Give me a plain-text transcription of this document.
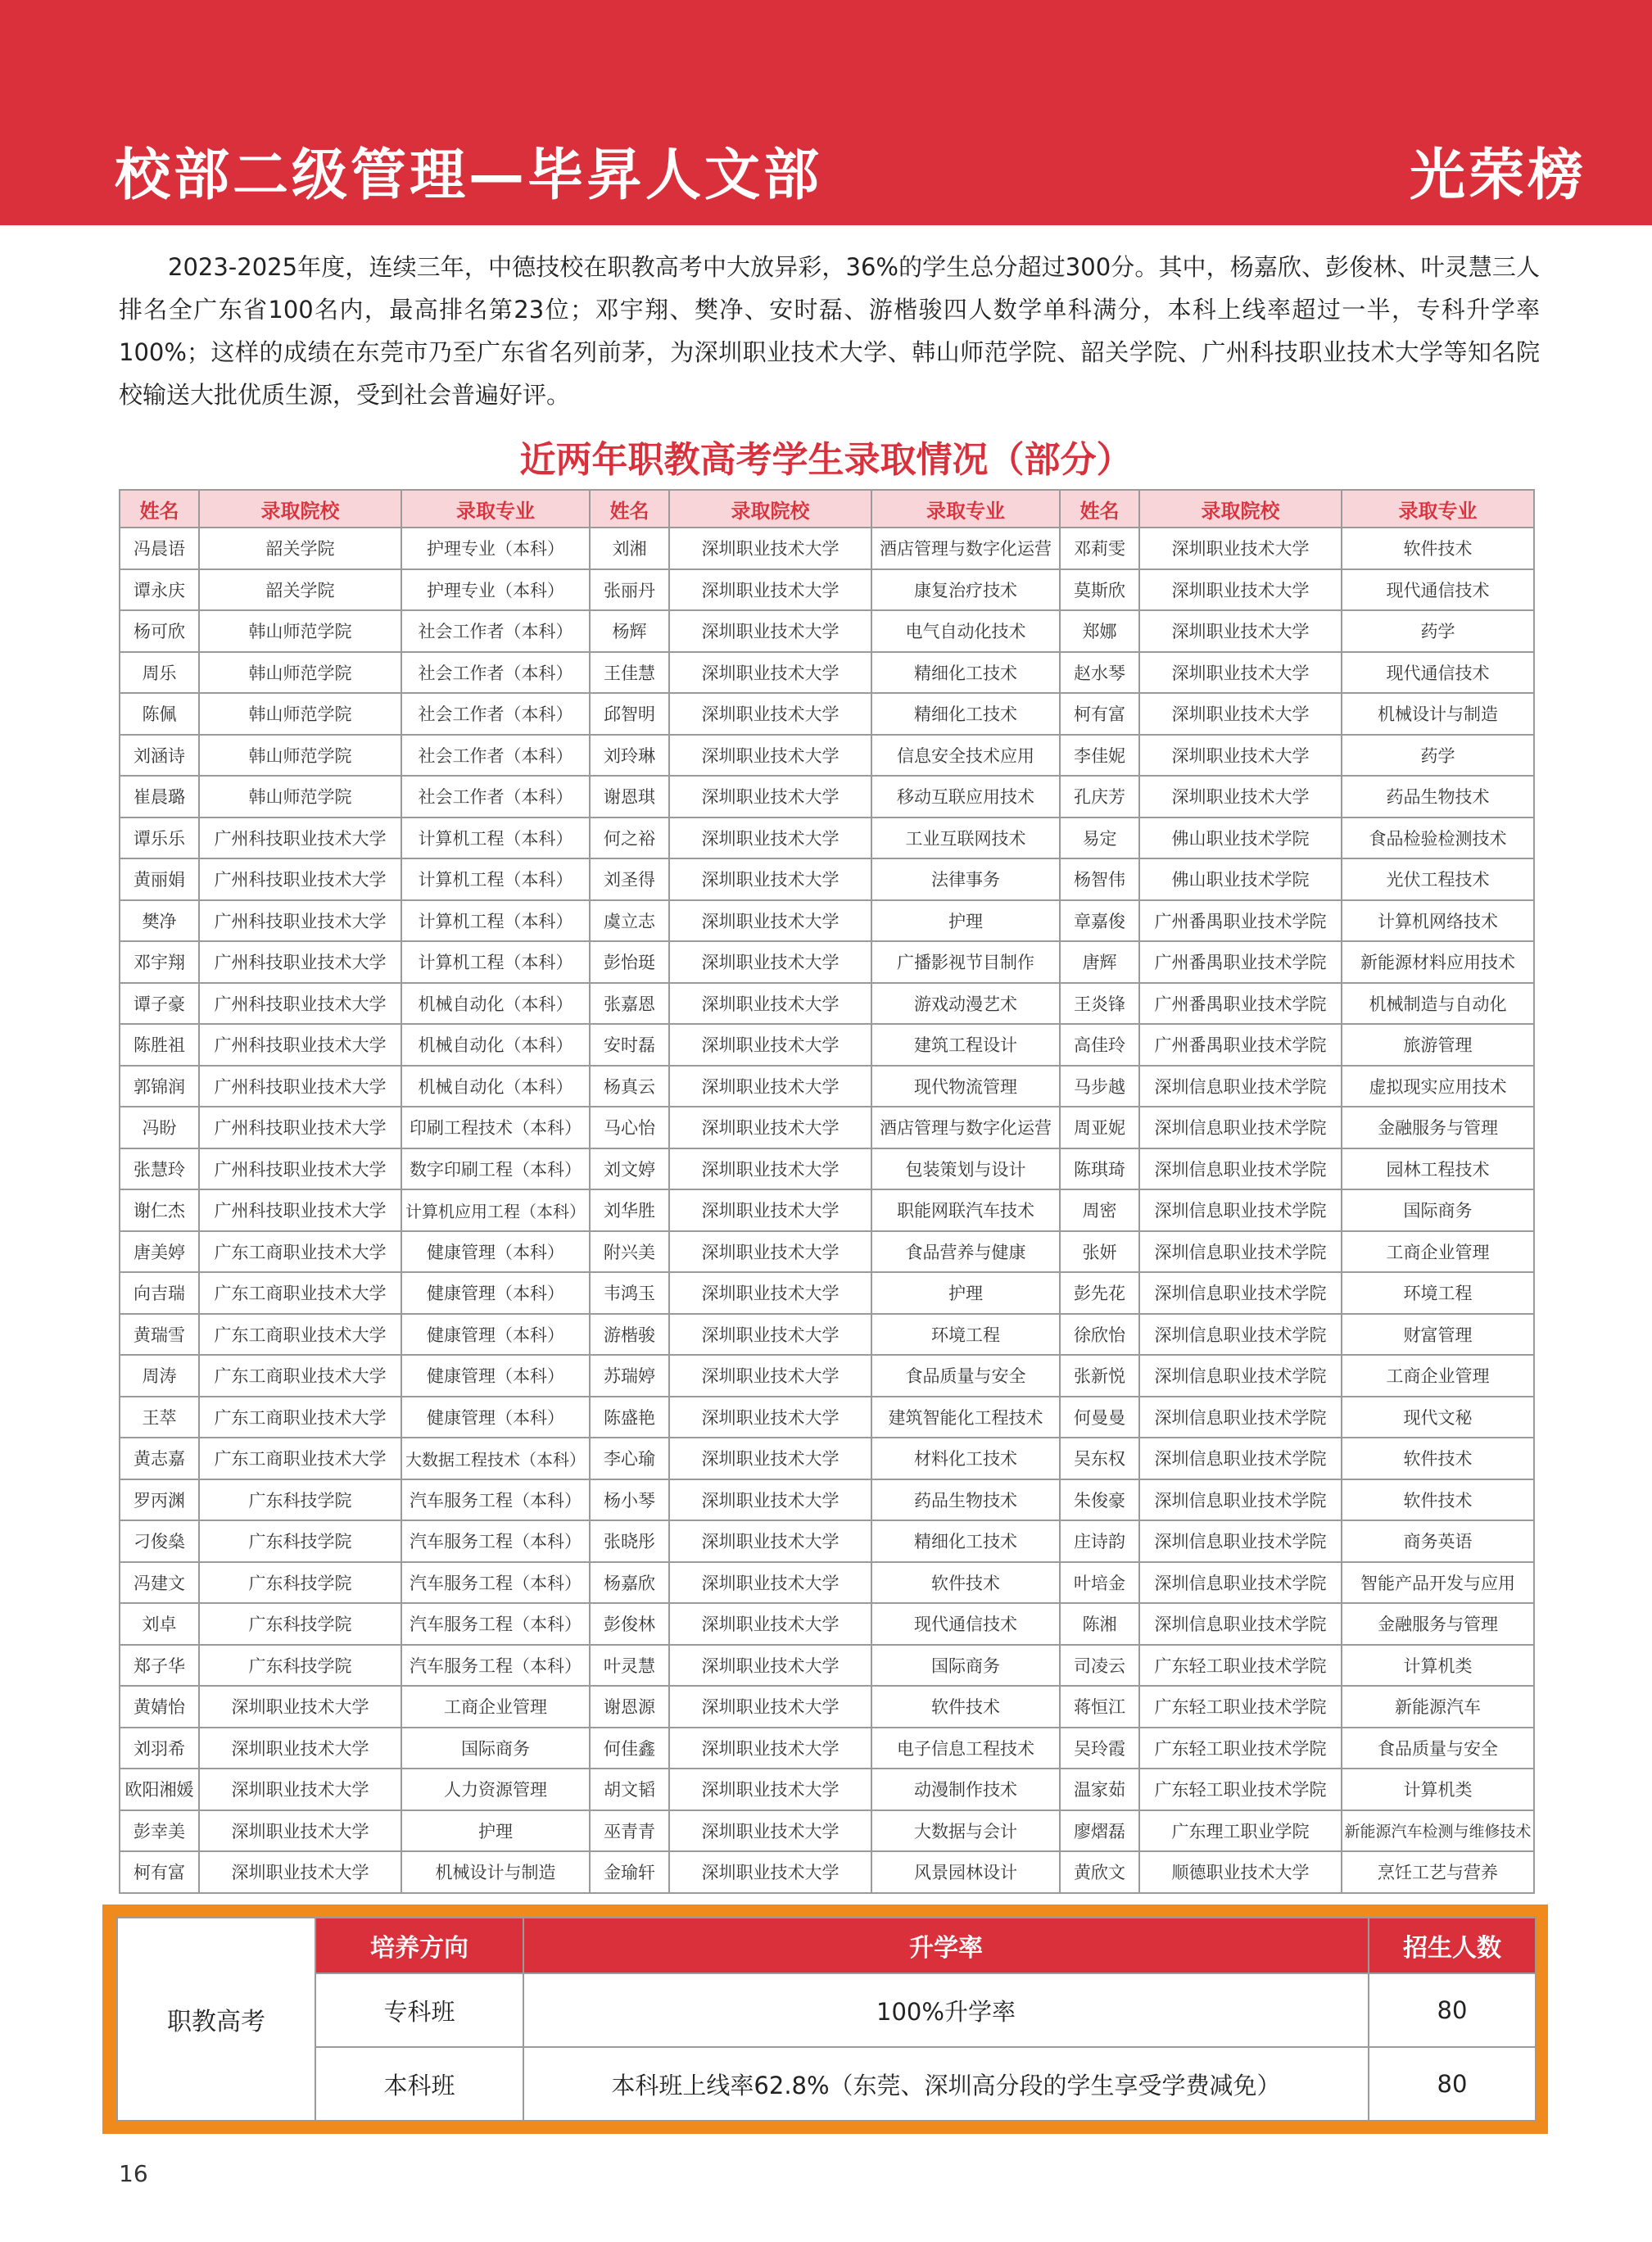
校部二级管理—毕昇人文部	光荣榜
2023-2025年度，连续三年，中德技校在职教高考中大放异彩，36%的学生总分超过300分。其中，杨嘉欣、彭俊林、叶灵慧三人排名全广东省100名内，最高排名第23位；邓宇翔、樊净、安时磊、游楷骏四人数学单科满分，本科上线率超过一半，专科升学率100%；这样的成绩在东莞市乃至广东省名列前茅，为深圳职业技术大学、韩山师范学院、韶关学院、广州科技职业技术大学等知名院校输送大批优质生源，受到社会普遍好评。
近两年职教高考学生录取情况（部分）
姓名	录取院校	录取专业	姓名	录取院校	录取专业	姓名	录取院校	录取专业
冯晨语	韶关学院	护理专业（本科）	刘湘	深圳职业技术大学	酒店管理与数字化运营	邓莉雯	深圳职业技术大学	软件技术
谭永庆	韶关学院	护理专业（本科）	张丽丹	深圳职业技术大学	康复治疗技术	莫斯欣	深圳职业技术大学	现代通信技术
杨可欣	韩山师范学院	社会工作者（本科）	杨辉	深圳职业技术大学	电气自动化技术	郑娜	深圳职业技术大学	药学
周乐	韩山师范学院	社会工作者（本科）	王佳慧	深圳职业技术大学	精细化工技术	赵水琴	深圳职业技术大学	现代通信技术
陈佩	韩山师范学院	社会工作者（本科）	邱智明	深圳职业技术大学	精细化工技术	柯有富	深圳职业技术大学	机械设计与制造
刘涵诗	韩山师范学院	社会工作者（本科）	刘玲琳	深圳职业技术大学	信息安全技术应用	李佳妮	深圳职业技术大学	药学
崔晨璐	韩山师范学院	社会工作者（本科）	谢恩琪	深圳职业技术大学	移动互联应用技术	孔庆芳	深圳职业技术大学	药品生物技术
谭乐乐	广州科技职业技术大学	计算机工程（本科）	何之裕	深圳职业技术大学	工业互联网技术	易定	佛山职业技术学院	食品检验检测技术
黄丽娟	广州科技职业技术大学	计算机工程（本科）	刘圣得	深圳职业技术大学	法律事务	杨智伟	佛山职业技术学院	光伏工程技术
樊净	广州科技职业技术大学	计算机工程（本科）	虞立志	深圳职业技术大学	护理	章嘉俊	广州番禺职业技术学院	计算机网络技术
邓宇翔	广州科技职业技术大学	计算机工程（本科）	彭怡珽	深圳职业技术大学	广播影视节目制作	唐辉	广州番禺职业技术学院	新能源材料应用技术
谭子豪	广州科技职业技术大学	机械自动化（本科）	张嘉恩	深圳职业技术大学	游戏动漫艺术	王炎锋	广州番禺职业技术学院	机械制造与自动化
陈胜祖	广州科技职业技术大学	机械自动化（本科）	安时磊	深圳职业技术大学	建筑工程设计	高佳玲	广州番禺职业技术学院	旅游管理
郭锦润	广州科技职业技术大学	机械自动化（本科）	杨真云	深圳职业技术大学	现代物流管理	马步越	深圳信息职业技术学院	虚拟现实应用技术
冯盼	广州科技职业技术大学	印刷工程技术（本科）	马心怡	深圳职业技术大学	酒店管理与数字化运营	周亚妮	深圳信息职业技术学院	金融服务与管理
张慧玲	广州科技职业技术大学	数字印刷工程（本科）	刘文婷	深圳职业技术大学	包装策划与设计	陈琪琦	深圳信息职业技术学院	园林工程技术
谢仁杰	广州科技职业技术大学	计算机应用工程（本科）	刘华胜	深圳职业技术大学	职能网联汽车技术	周密	深圳信息职业技术学院	国际商务
唐美婷	广东工商职业技术大学	健康管理（本科）	附兴美	深圳职业技术大学	食品营养与健康	张妍	深圳信息职业技术学院	工商企业管理
向吉瑞	广东工商职业技术大学	健康管理（本科）	韦鸿玉	深圳职业技术大学	护理	彭先花	深圳信息职业技术学院	环境工程
黄瑞雪	广东工商职业技术大学	健康管理（本科）	游楷骏	深圳职业技术大学	环境工程	徐欣怡	深圳信息职业技术学院	财富管理
周涛	广东工商职业技术大学	健康管理（本科）	苏瑞婷	深圳职业技术大学	食品质量与安全	张新悦	深圳信息职业技术学院	工商企业管理
王萃	广东工商职业技术大学	健康管理（本科）	陈盛艳	深圳职业技术大学	建筑智能化工程技术	何曼曼	深圳信息职业技术学院	现代文秘
黄志嘉	广东工商职业技术大学	大数据工程技术（本科）	李心瑜	深圳职业技术大学	材料化工技术	吴东权	深圳信息职业技术学院	软件技术
罗丙渊	广东科技学院	汽车服务工程（本科）	杨小琴	深圳职业技术大学	药品生物技术	朱俊豪	深圳信息职业技术学院	软件技术
刁俊燊	广东科技学院	汽车服务工程（本科）	张晓彤	深圳职业技术大学	精细化工技术	庄诗韵	深圳信息职业技术学院	商务英语
冯建文	广东科技学院	汽车服务工程（本科）	杨嘉欣	深圳职业技术大学	软件技术	叶培金	深圳信息职业技术学院	智能产品开发与应用
刘卓	广东科技学院	汽车服务工程（本科）	彭俊林	深圳职业技术大学	现代通信技术	陈湘	深圳信息职业技术学院	金融服务与管理
郑子华	广东科技学院	汽车服务工程（本科）	叶灵慧	深圳职业技术大学	国际商务	司凌云	广东轻工职业技术学院	计算机类
黄婧怡	深圳职业技术大学	工商企业管理	谢恩源	深圳职业技术大学	软件技术	蒋恒江	广东轻工职业技术学院	新能源汽车
刘羽希	深圳职业技术大学	国际商务	何佳鑫	深圳职业技术大学	电子信息工程技术	吴玲霞	广东轻工职业技术学院	食品质量与安全
欧阳湘媛	深圳职业技术大学	人力资源管理	胡文韬	深圳职业技术大学	动漫制作技术	温家茹	广东轻工职业技术学院	计算机类
彭幸美	深圳职业技术大学	护理	巫青青	深圳职业技术大学	大数据与会计	廖熠磊	广东理工职业学院	新能源汽车检测与维修技术
柯有富	深圳职业技术大学	机械设计与制造	金瑜轩	深圳职业技术大学	风景园林设计	黄欣文	顺德职业技术大学	烹饪工艺与营养
职教高考	培养方向	升学率	招生人数
	专科班	100%升学率	80
	本科班	本科班上线率62.8%（东莞、深圳高分段的学生享受学费减免）	80
16
